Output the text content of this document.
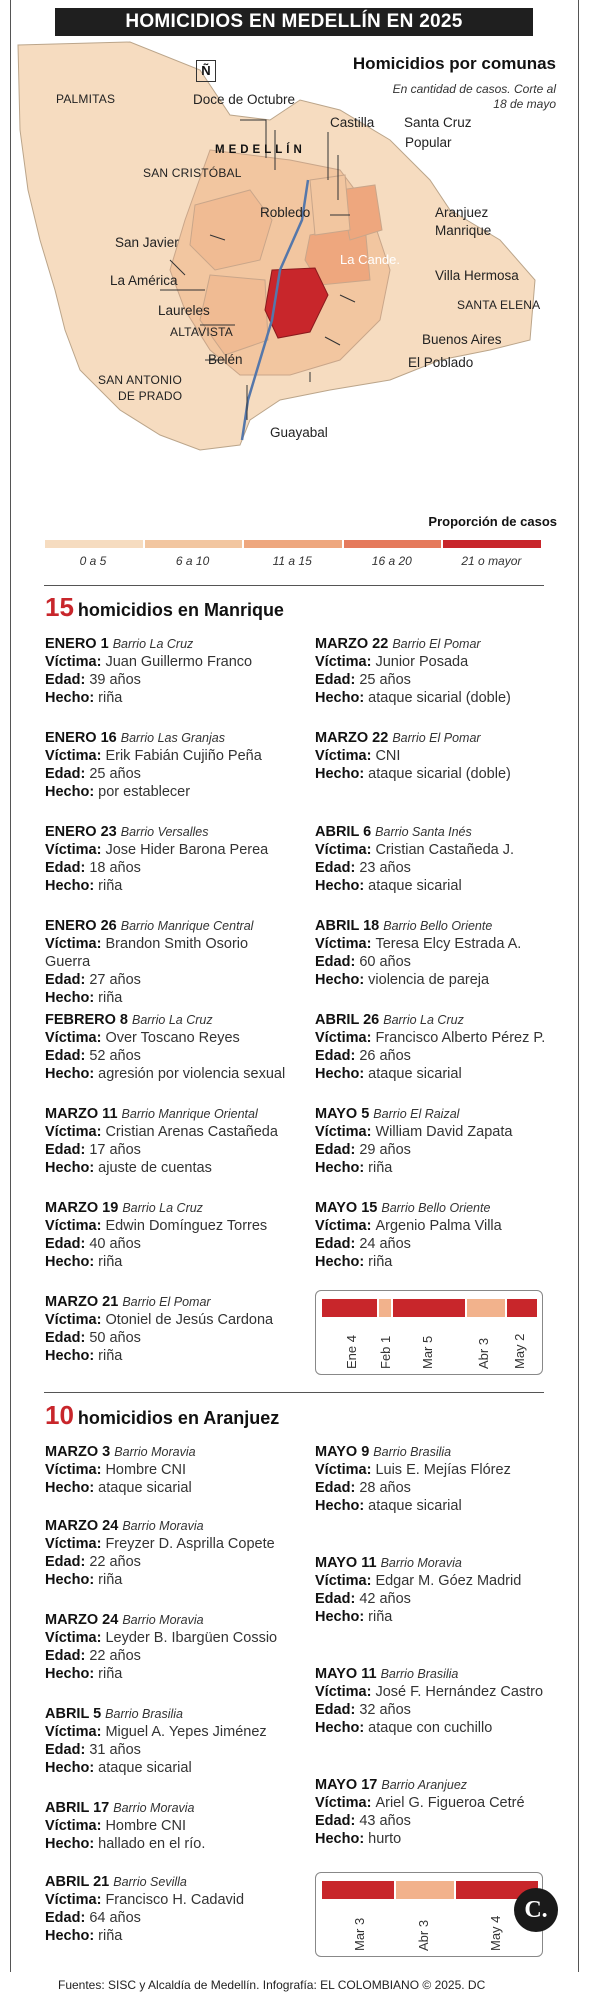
HOMICIDIOS EN MEDELLÍN EN 2025
Ñ	Homicidios por comunas
En cantidad de casos. Corte al 18 de mayo
MEDELLÍN
PALMITAS	Doce de Octubre
Castilla Santa Cruz
Popular
SAN CRISTÓBAL
Robledo	Aranjuez
Manrique
San Javier
La Cande.
Villa Hermosa
La América
SANTA ELENA
Laureles
ALTAVISTA	Buenos Aires
Belén	El Poblado
SAN ANTONIO
DE PRADO
Guayabal
Proporción de casos
0 a 5	6 a 10	11 a 15	16 a 20	21 o mayor
15 homicidios en Manrique
ENERO 1 Barrio La Cruz
Víctima: Juan Guillermo Franco
Edad: 39 años
Hecho: riña
ENERO 16 Barrio Las Granjas
Víctima: Erik Fabián Cujiño Peña
Edad: 25 años
Hecho: por establecer
ENERO 23 Barrio Versalles
Víctima: Jose Hider Barona Perea
Edad: 18 años
Hecho: riña
ENERO 26 Barrio Manrique Central
Víctima: Brandon Smith Osorio Guerra
Edad: 27 años
Hecho: riña
FEBRERO 8 Barrio La Cruz
Víctima: Over Toscano Reyes
Edad: 52 años
Hecho: agresión por violencia sexual
MARZO 11 Barrio Manrique Oriental
Víctima: Cristian Arenas Castañeda
Edad: 17 años
Hecho: ajuste de cuentas
MARZO 19 Barrio La Cruz
Víctima: Edwin Domínguez Torres
Edad: 40 años
Hecho: riña
MARZO 21 Barrio El Pomar
Víctima: Otoniel de Jesús Cardona
Edad: 50 años
Hecho: riña
MARZO 22 Barrio El Pomar
Víctima: Junior Posada
Edad: 25 años
Hecho: ataque sicarial (doble)
MARZO 22 Barrio El Pomar
Víctima: CNI
Hecho: ataque sicarial (doble)
ABRIL 6 Barrio Santa Inés
Víctima: Cristian Castañeda J.
Edad: 23 años
Hecho: ataque sicarial
ABRIL 18 Barrio Bello Oriente
Víctima: Teresa Elcy Estrada A.
Edad: 60 años
Hecho: violencia de pareja
ABRIL 26 Barrio La Cruz
Víctima: Francisco Alberto Pérez P.
Edad: 26 años
Hecho: ataque sicarial
MAYO 5 Barrio El Raizal
Víctima: William David Zapata
Edad: 29 años
Hecho: riña
MAYO 15 Barrio Bello Oriente
Víctima: Argenio Palma Villa
Edad: 24 años
Hecho: riña
Ene 4 Feb 1 Mar 5	Abr 3 May 2
10 homicidios en Aranjuez
MARZO 3 Barrio Moravia
Víctima: Hombre CNI
Hecho: ataque sicarial
MARZO 24 Barrio Moravia
Víctima: Freyzer D. Asprilla Copete
Edad: 22 años
Hecho: riña
MARZO 24 Barrio Moravia
Víctima: Leyder B. Ibargüen Cossio
Edad: 22 años
Hecho: riña
ABRIL 5 Barrio Brasilia
Víctima: Miguel A. Yepes Jiménez
Edad: 31 años
Hecho: ataque sicarial
ABRIL 17 Barrio Moravia
Víctima: Hombre CNI
Hecho: hallado en el río.
ABRIL 21 Barrio Sevilla
Víctima: Francisco H. Cadavid
Edad: 64 años
Hecho: riña
MAYO 9 Barrio Brasilia
Víctima: Luis E. Mejías Flórez
Edad: 28 años
Hecho: ataque sicarial
MAYO 11 Barrio Moravia
Víctima: Edgar M. Góez Madrid
Edad: 42 años
Hecho: riña
MAYO 11 Barrio Brasilia
Víctima: José F. Hernández Castro
Edad: 32 años
Hecho: ataque con cuchillo
MAYO 17 Barrio Aranjuez
Víctima: Ariel G. Figueroa Cetré
Edad: 43 años
Hecho: hurto
Mar 3	Abr 3	May 4
C.
Fuentes: SISC y Alcaldía de Medellín. Infografía: EL COLOMBIANO © 2025. DC
